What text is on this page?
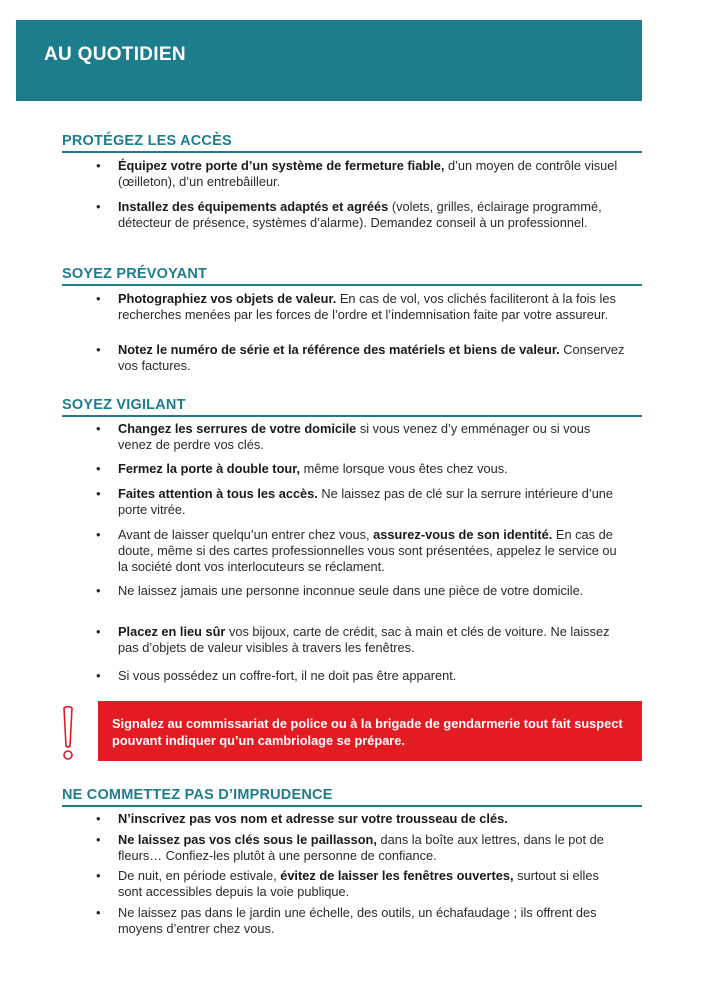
AU QUOTIDIEN
PROTÉGEZ LES ACCÈS
•	Équipez votre porte d’un système de fermeture fiable, d’un moyen de contrôle visuel (œilleton), d’un entrebâilleur.
•	Installez des équipements adaptés et agréés (volets, grilles, éclairage programmé, détecteur de présence, systèmes d’alarme). Demandez conseil à un professionnel.
SOYEZ PRÉVOYANT
•	Photographiez vos objets de valeur. En cas de vol, vos clichés faciliteront à la fois les recherches menées par les forces de l’ordre et l’indemnisation faite par votre assureur.
•	Notez le numéro de série et la référence des matériels et biens de valeur. Conservez vos factures.
SOYEZ VIGILANT
•	Changez les serrures de votre domicile si vous venez d’y emménager ou si vous venez de perdre vos clés.
•	Fermez la porte à double tour, même lorsque vous êtes chez vous.
•	Faites attention à tous les accès. Ne laissez pas de clé sur la serrure intérieure d’une porte vitrée.
•	Avant de laisser quelqu’un entrer chez vous, assurez-vous de son identité. En cas de doute, même si des cartes professionnelles vous sont présentées, appelez le service ou la société dont vos interlocuteurs se réclament.
•	Ne laissez jamais une personne inconnue seule dans une pièce de votre domicile.
•	Placez en lieu sûr vos bijoux, carte de crédit, sac à main et clés de voiture. Ne laissez pas d’objets de valeur visibles à travers les fenêtres.
•	Si vous possédez un coffre-fort, il ne doit pas être apparent.
Signalez au commissariat de police ou à la brigade de gendarmerie tout fait suspect pouvant indiquer qu’un cambriolage se prépare.
NE COMMETTEZ PAS D’IMPRUDENCE
•	N’inscrivez pas vos nom et adresse sur votre trousseau de clés.
•	Ne laissez pas vos clés sous le paillasson, dans la boîte aux lettres, dans le pot de fleurs… Confiez-les plutôt à une personne de confiance.
•	De nuit, en période estivale, évitez de laisser les fenêtres ouvertes, surtout si elles sont accessibles depuis la voie publique.
•	Ne laissez pas dans le jardin une échelle, des outils, un échafaudage ; ils offrent des moyens d’entrer chez vous.
